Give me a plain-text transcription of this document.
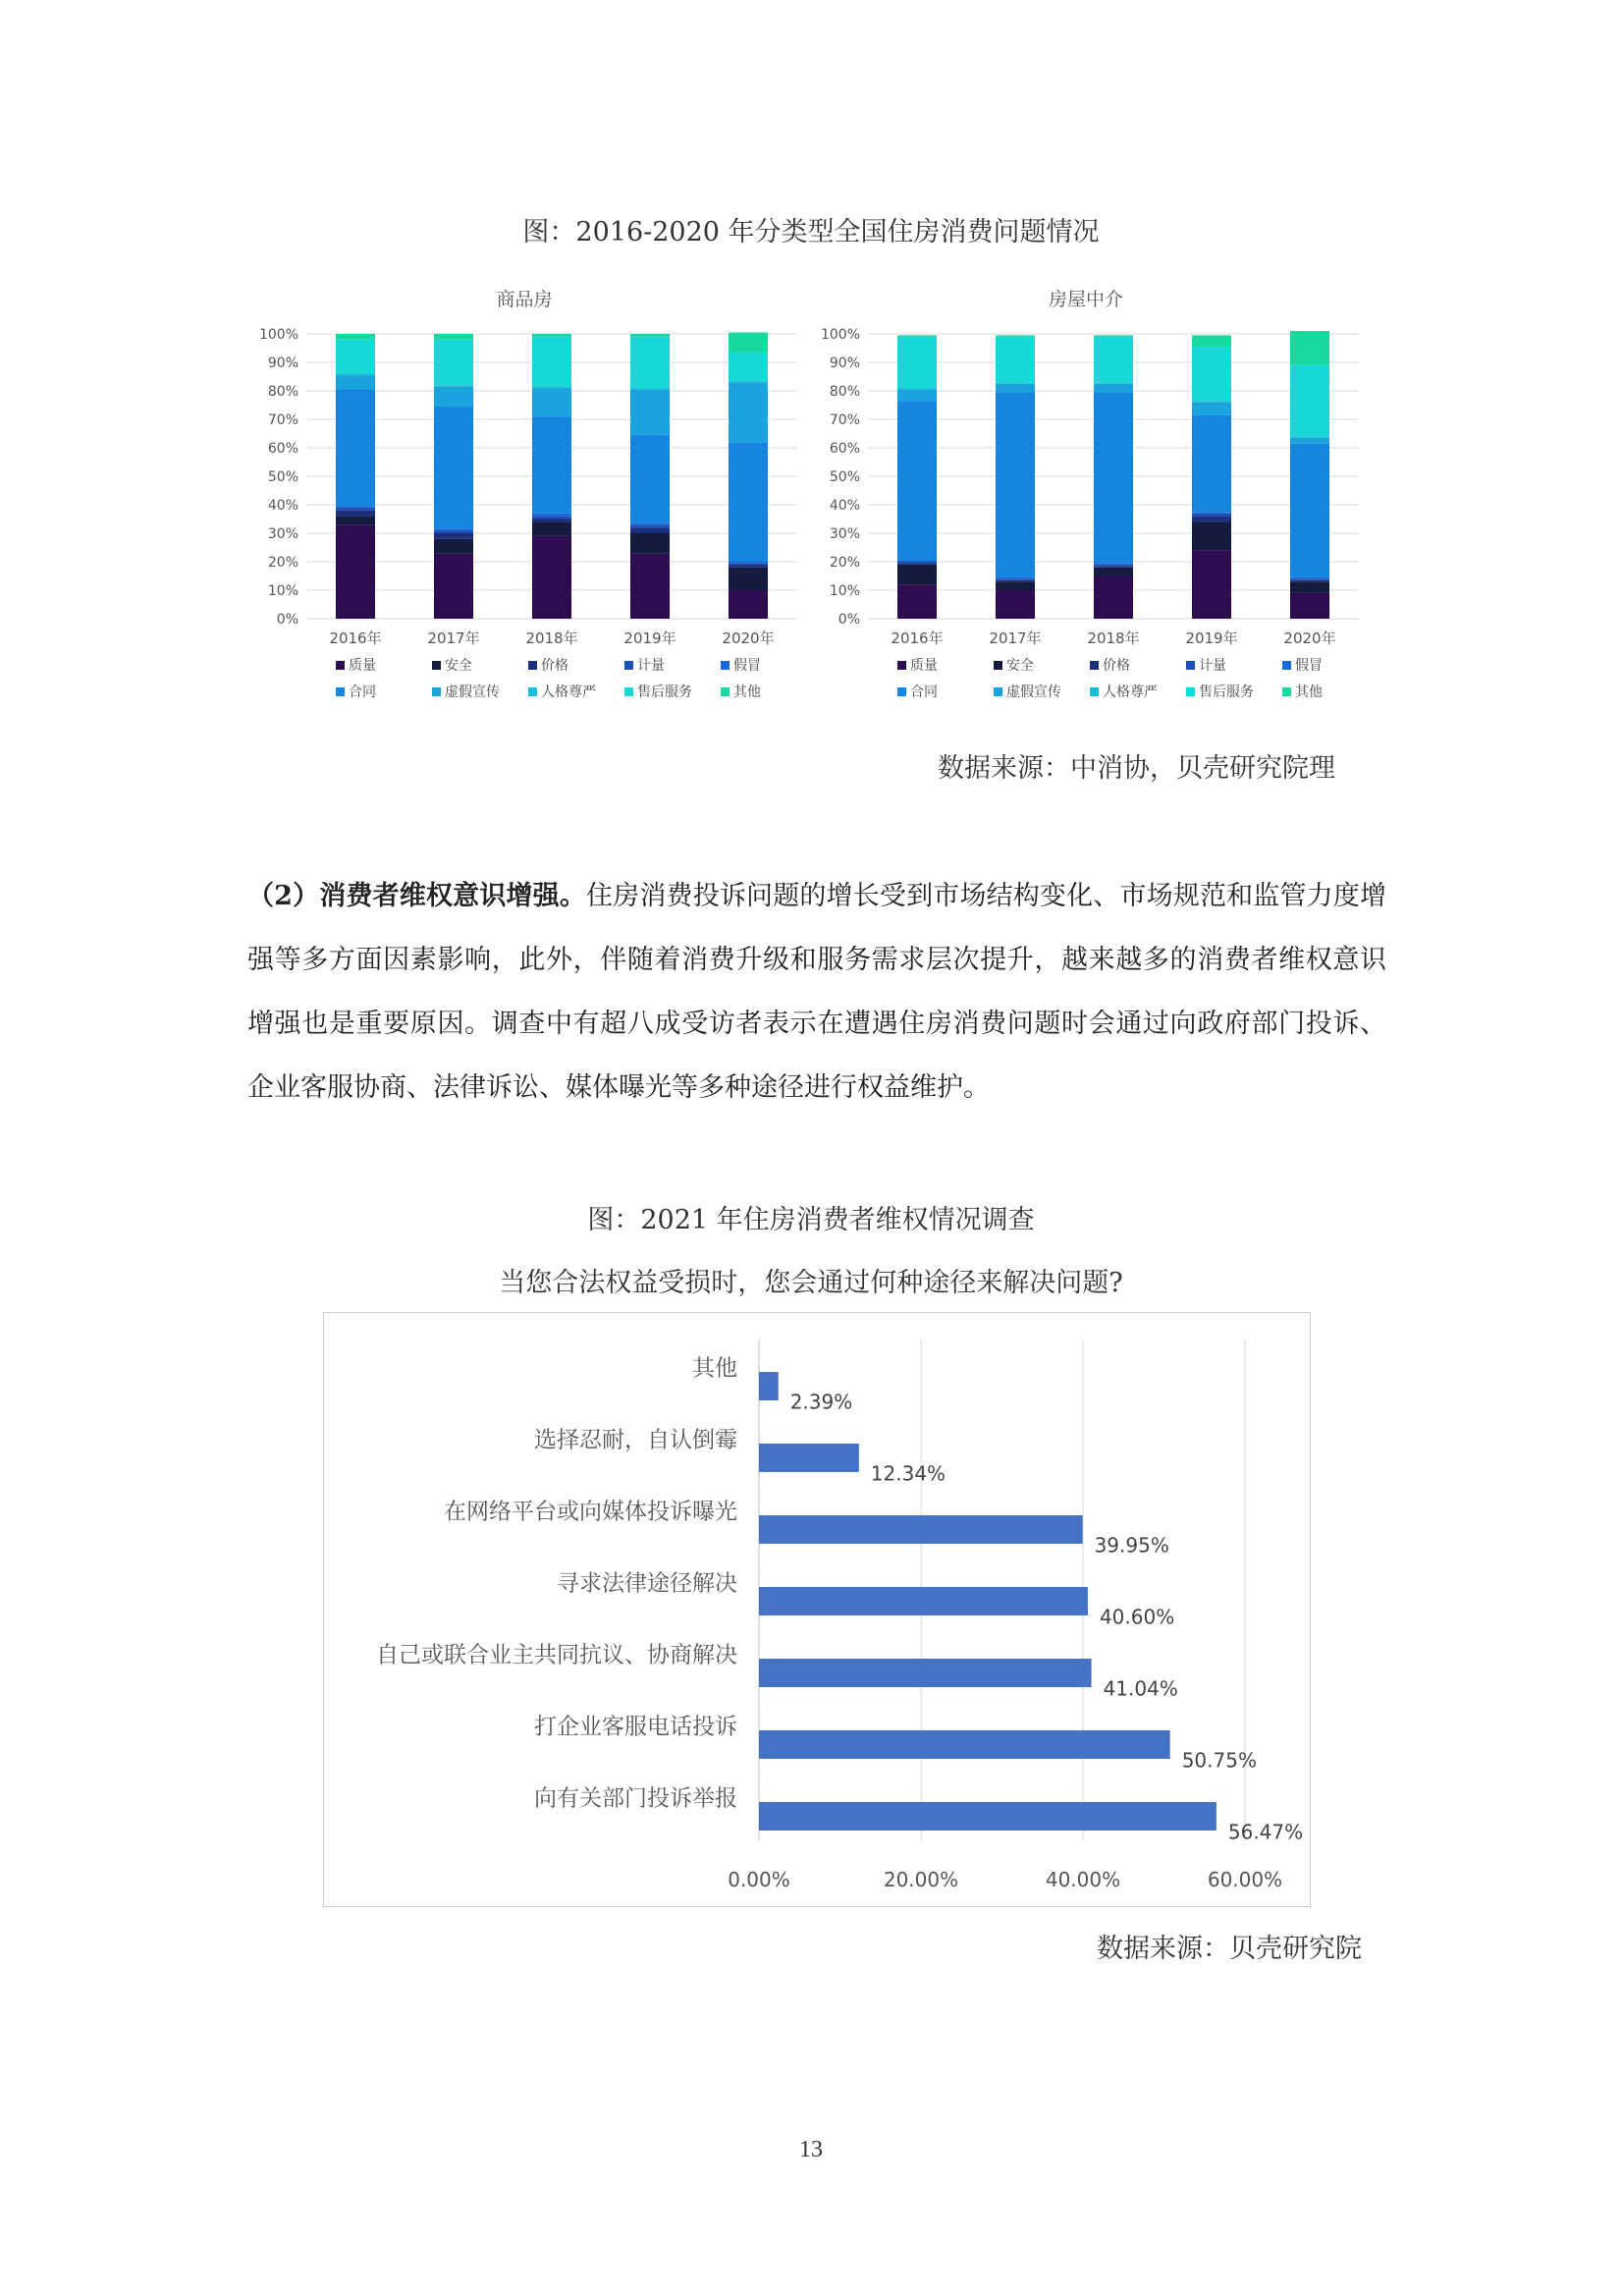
图：2016-2020 年分类型全国住房消费问题情况
商品房
0%
10%
20%
30%
40%
50%
60%
70%
80%
90%
100%
2016年	2017年	2018年	2019年	2020年
质量	安全	价格	计量	假冒
合同	虚假宣传	人格尊严	售后服务	其他
房屋中介
0%
10%
20%
30%
40%
50%
60%
70%
80%
90%
100%
2016年	2017年	2018年	2019年	2020年
质量	安全	价格	计量	假冒
合同	虚假宣传	人格尊严	售后服务	其他
数据来源：中消协，贝壳研究院理
（2）消费者维权意识增强。住房消费投诉问题的增长受到市场结构变化、市场规范和监管力度增强等多方面因素影响，此外，伴随着消费升级和服务需求层次提升，越来越多的消费者维权意识增强也是重要原因。调查中有超八成受访者表示在遭遇住房消费问题时会通过向政府部门投诉、企业客服协商、法律诉讼、媒体曝光等多种途径进行权益维护。
图：2021 年住房消费者维权情况调查
当您合法权益受损时，您会通过何种途径来解决问题?
0.00%	20.00%	40.00%	60.00%
其他
2.39%
选择忍耐，自认倒霉
12.34%
在网络平台或向媒体投诉曝光
39.95%
寻求法律途径解决
40.60%
自己或联合业主共同抗议、协商解决
41.04%
打企业客服电话投诉
50.75%
向有关部门投诉举报
56.47%
数据来源：贝壳研究院
13
